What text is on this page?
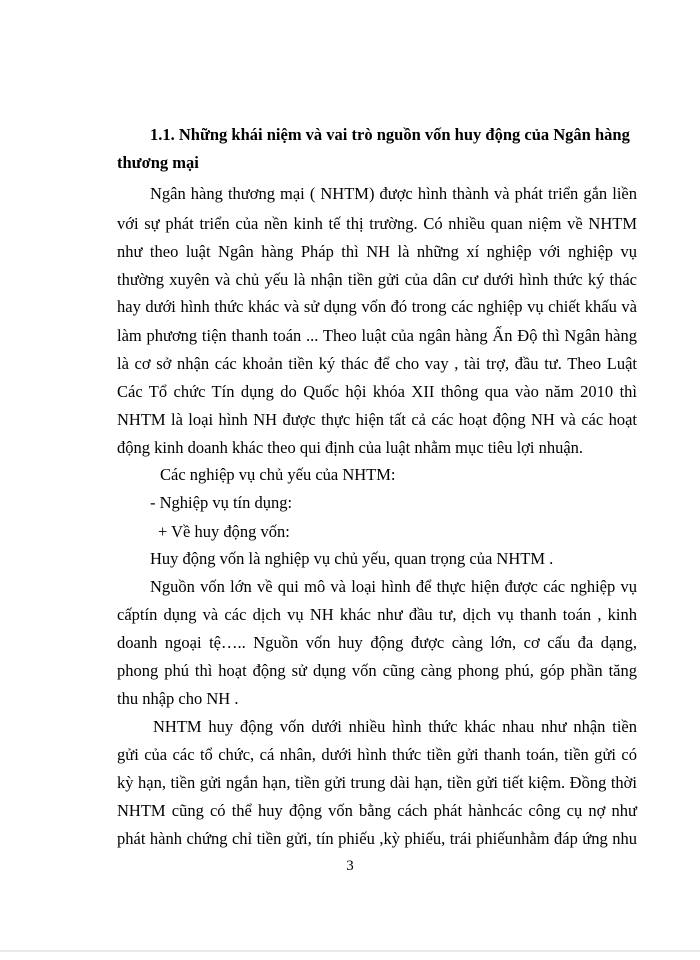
1.1. Những khái niệm và vai trò nguồn vốn huy động của Ngân hàng
thương mại
Ngân hàng thương mại ( NHTM) được hình thành và phát triển gắn liền
với sự phát triển của nền kinh tế thị trường. Có nhiều quan niệm về NHTM
như theo luật Ngân hàng Pháp thì NH là những xí nghiệp với nghiệp vụ
thường xuyên và chủ yếu là nhận tiền gửi của dân cư dưới hình thức ký thác
hay dưới hình thức khác và sử dụng vốn đó trong các nghiệp vụ chiết khấu và
làm phương tiện thanh toán ... Theo luật của ngân hàng Ấn Độ thì Ngân hàng
là cơ sở nhận các khoản tiền ký thác để cho vay , tài trợ, đầu tư. Theo Luật
Các Tổ chức Tín dụng do Quốc hội khóa XII thông qua vào năm 2010 thì
NHTM là loại hình NH được thực hiện tất cả các hoạt động NH và các hoạt
động kinh doanh khác theo qui định của luật nhằm mục tiêu lợi nhuận.
Các nghiệp vụ chủ yếu của NHTM:
- Nghiệp vụ tín dụng:
+ Về huy động vốn:
Huy động vốn là nghiệp vụ chủ yếu, quan trọng của NHTM .
Nguồn vốn lớn về qui mô và loại hình để thực hiện được các nghiệp vụ
cấptín dụng và các dịch vụ NH khác như đầu tư, dịch vụ thanh toán , kinh
doanh ngoại tệ….. Nguồn vốn huy động được càng lớn, cơ cấu đa dạng,
phong phú thì hoạt động sử dụng vốn cũng càng phong phú, góp phần tăng
thu nhập cho NH .
NHTM huy động vốn dưới nhiều hình thức khác nhau như nhận tiền
gửi của các tổ chức, cá nhân, dưới hình thức tiền gửi thanh toán, tiền gửi có
kỳ hạn, tiền gửi ngắn hạn, tiền gửi trung dài hạn, tiền gửi tiết kiệm. Đồng thời
NHTM cũng có thể huy động vốn bằng cách phát hànhcác công cụ nợ như
phát hành chứng chỉ tiền gửi, tín phiếu ,kỳ phiếu, trái phiếunhằm đáp ứng nhu
3
